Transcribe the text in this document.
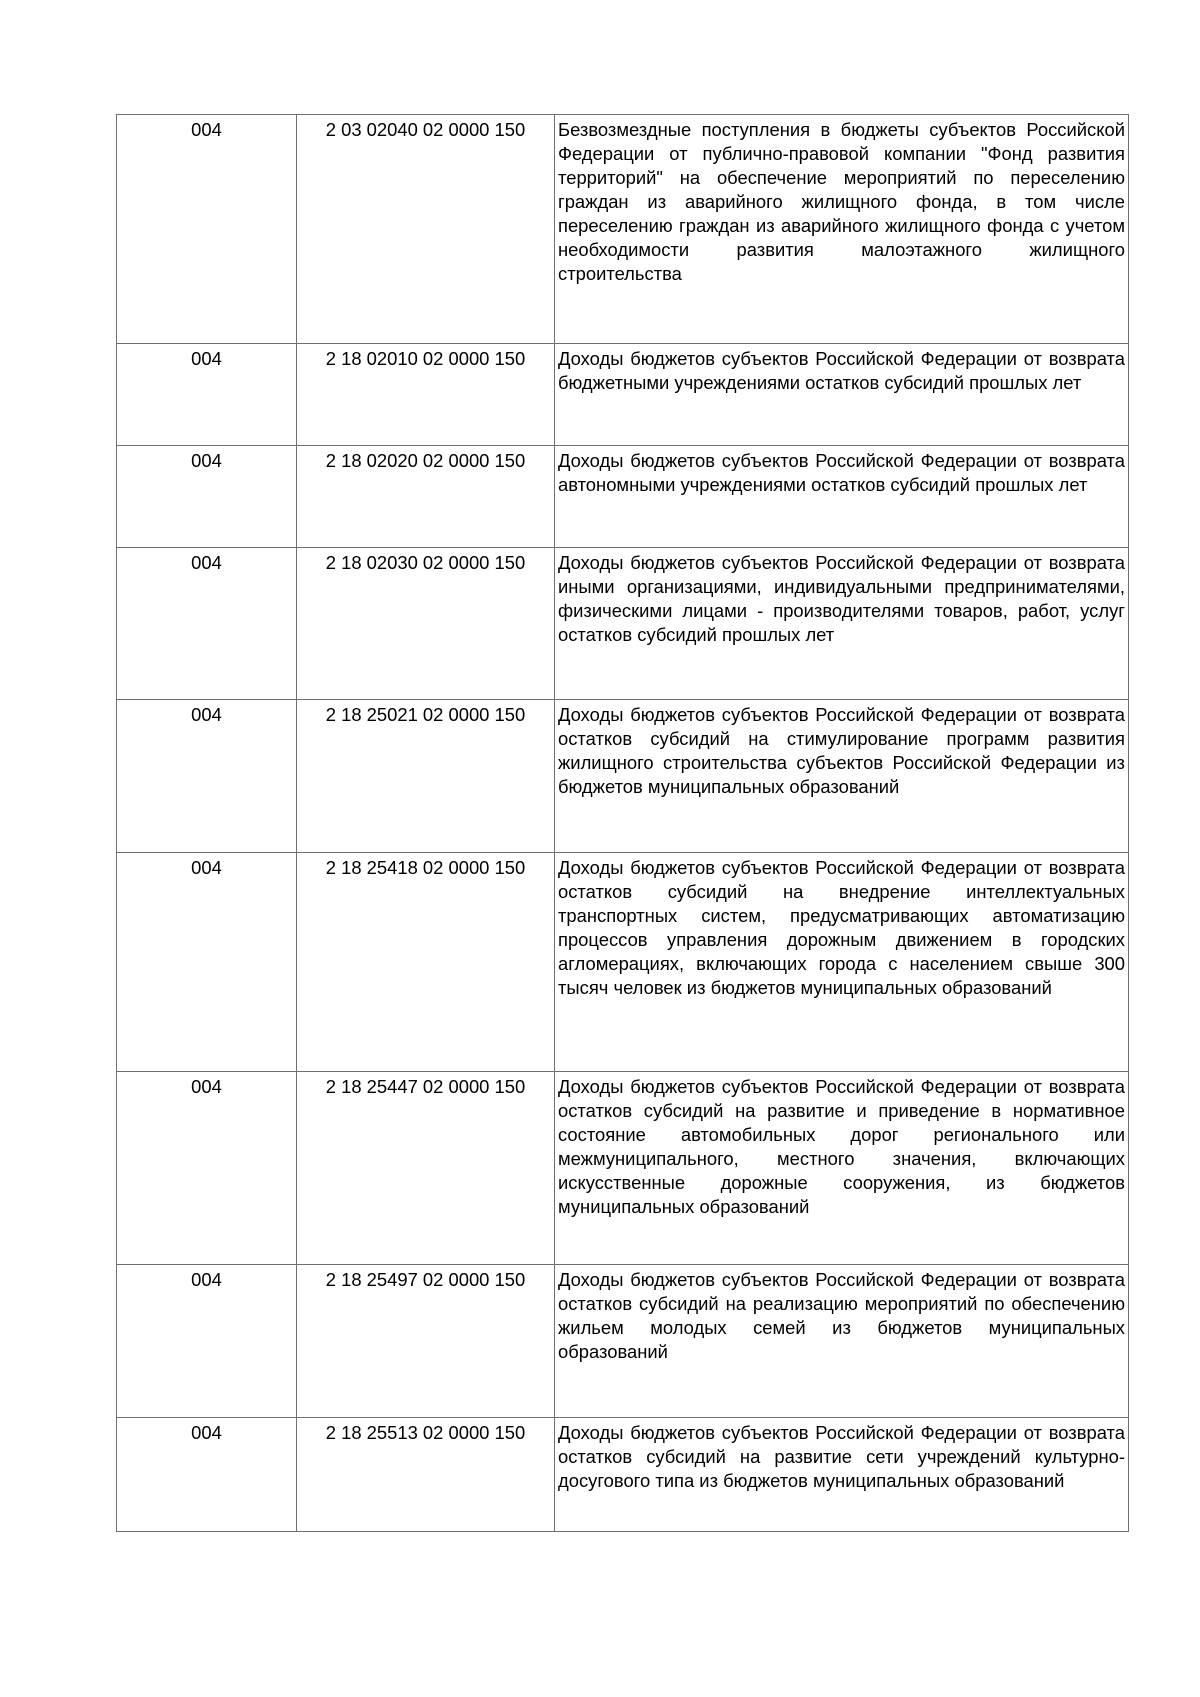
004	2 03 02040 02 0000 150	Безвозмездные поступления в бюджеты субъектов Российской Федерации от публично-правовой компании "Фонд развития территорий" на обеспечение мероприятий по переселению граждан из аварийного жилищного фонда, в том числе переселению граждан из аварийного жилищного фонда с учетом необходимости развития малоэтажного жилищного строительства
004	2 18 02010 02 0000 150	Доходы бюджетов субъектов Российской Федерации от возврата бюджетными учреждениями остатков субсидий прошлых лет
004	2 18 02020 02 0000 150	Доходы бюджетов субъектов Российской Федерации от возврата автономными учреждениями остатков субсидий прошлых лет
004	2 18 02030 02 0000 150	Доходы бюджетов субъектов Российской Федерации от возврата иными организациями, индивидуальными предпринимателями, физическими лицами - производителями товаров, работ, услуг остатков субсидий прошлых лет
004	2 18 25021 02 0000 150	Доходы бюджетов субъектов Российской Федерации от возврата остатков субсидий на стимулирование программ развития жилищного строительства субъектов Российской Федерации из бюджетов муниципальных образований
004	2 18 25418 02 0000 150	Доходы бюджетов субъектов Российской Федерации от возврата остатков субсидий на внедрение интеллектуальных транспортных систем, предусматривающих автоматизацию процессов управления дорожным движением в городских агломерациях, включающих города с населением свыше 300 тысяч человек из бюджетов муниципальных образований
004	2 18 25447 02 0000 150	Доходы бюджетов субъектов Российской Федерации от возврата остатков субсидий на развитие и приведение в нормативное состояние автомобильных дорог регионального или межмуниципального, местного значения, включающих искусственные дорожные сооружения, из бюджетов муниципальных образований
004	2 18 25497 02 0000 150	Доходы бюджетов субъектов Российской Федерации от возврата остатков субсидий на реализацию мероприятий по обеспечению жильем молодых семей из бюджетов муниципальных образований
004	2 18 25513 02 0000 150	Доходы бюджетов субъектов Российской Федерации от возврата остатков субсидий на развитие сети учреждений культурно-досугового типа из бюджетов муниципальных образований
